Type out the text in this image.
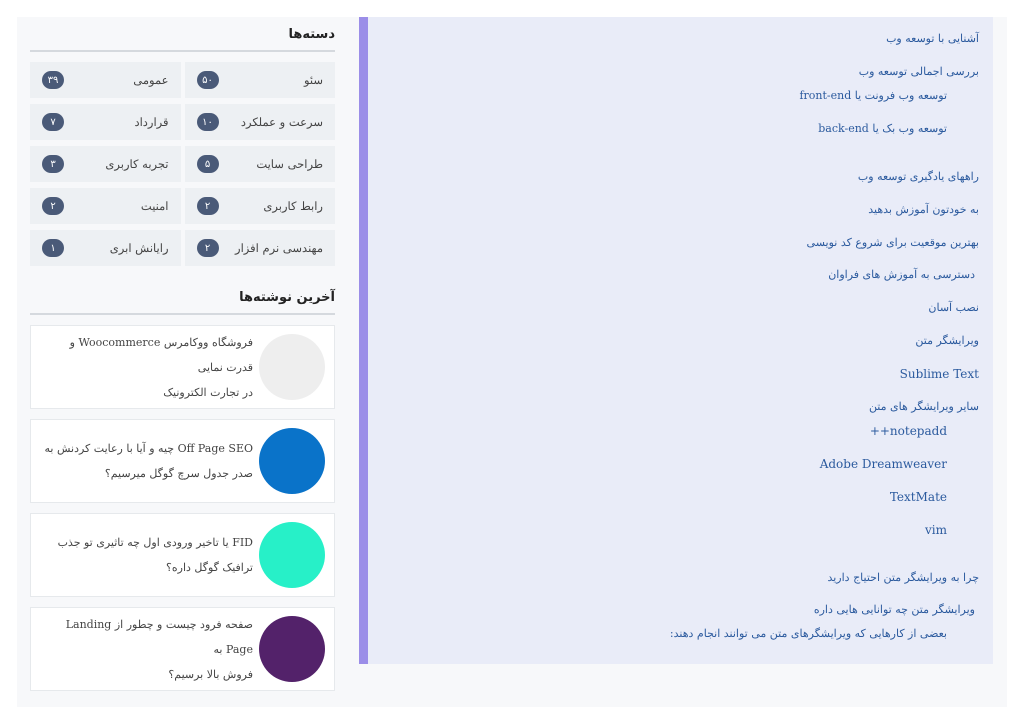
آشنایی با توسعه وب
بررسی اجمالی توسعه وب
توسعه وب فرونت یا front-end
توسعه وب بک یا back-end
راههای یادگیری توسعه وب
به خودتون آموزش بدهید
بهترین موقعیت برای شروع کد نویسی
دسترسی به آموزش های فراوان
نصب آسان
ویرایشگر متن
Sublime Text
سایر ویرایشگر های متن
notepadd++
Adobe Dreamweaver
TextMate
vim
چرا به ویرایشگر متن احتیاج دارید
ویرایشگر متن چه توانایی هایی داره
بعضی از کارهایی که ویرایشگرهای متن می توانند انجام دهند:
دسته‌ها
سئو
۵۰
عمومی
۳۹
سرعت و عملکرد
۱۰
قرارداد
۷
طراحی سایت
۵
تجربه کاربری
۳
رابط کاربری
۲
امنیت
۲
مهندسی نرم افزار
۲
رایانش ابری
۱
آخرین نوشته‌ها
فروشگاه ووکامرس Woocommerce و قدرت نمایی
در تجارت الکترونیک
Off Page SEO چیه و آیا با رعایت کردنش به
صدر جدول سرچ گوگل میرسیم؟
FID یا تاخیر ورودی اول چه تاثیری تو جذب
ترافیک گوگل داره؟
صفحه فرود چیست و چطور از Landing Page به
فروش بالا برسیم؟
